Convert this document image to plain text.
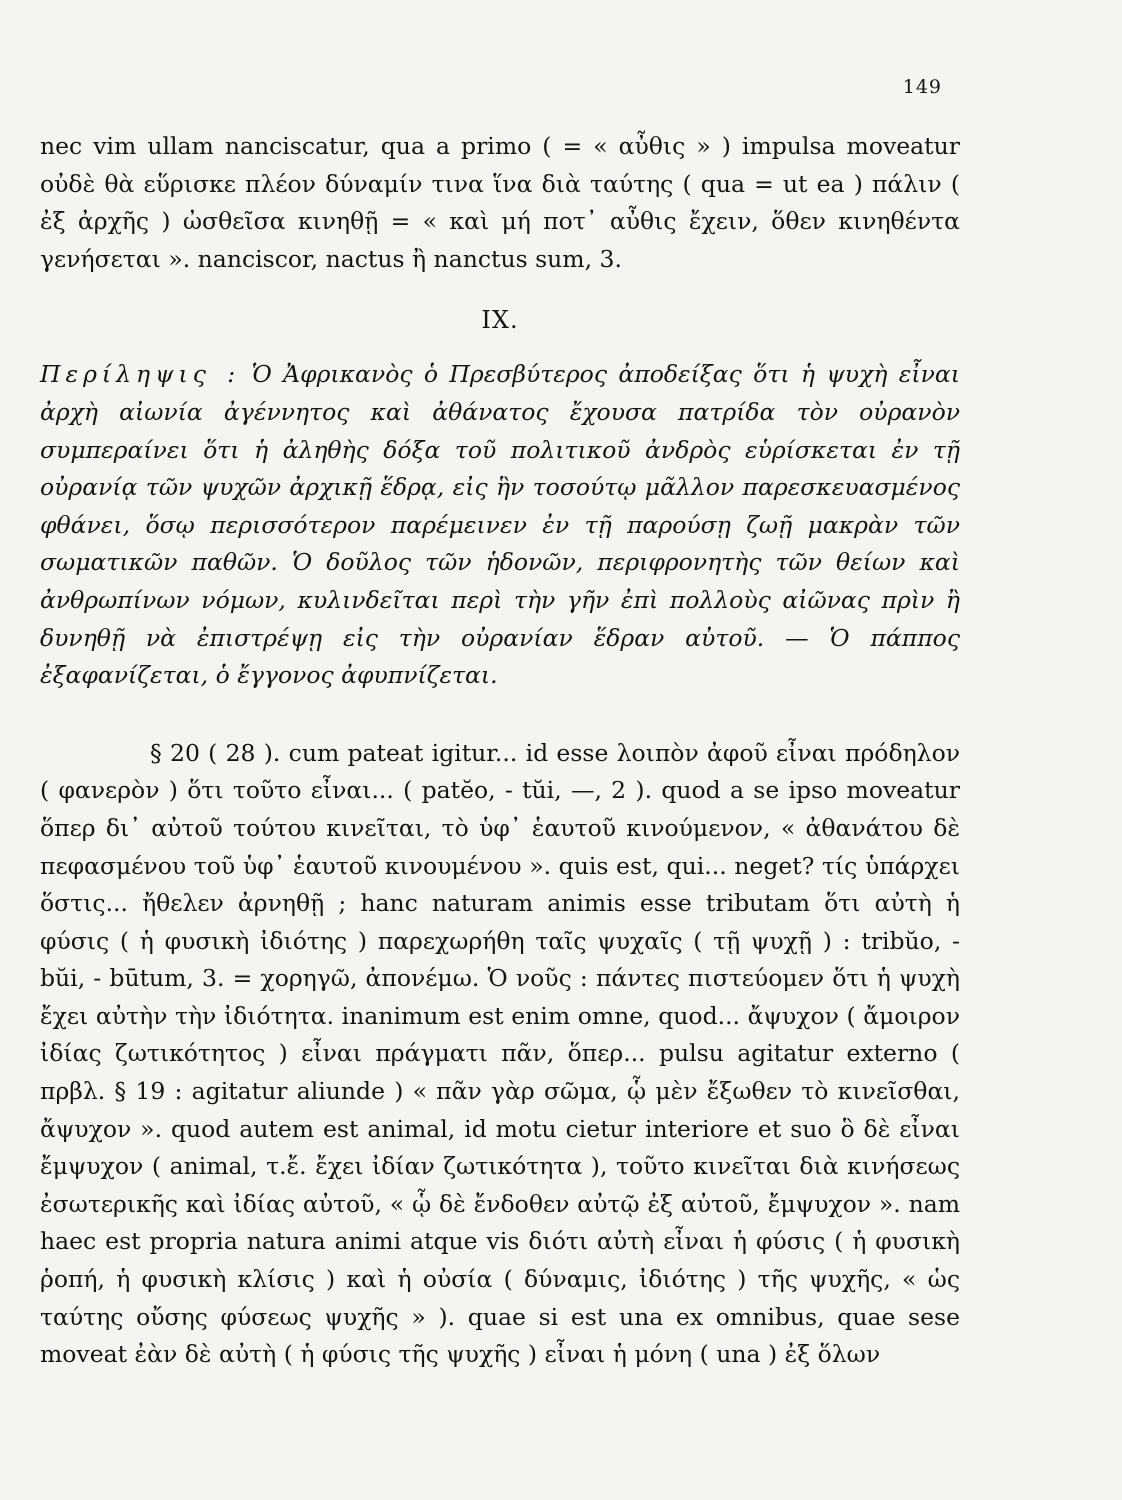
149

nec vim ullam nanciscatur, qua a primo ( = « αὖθις » ) impulsa moveatur οὐδὲ θὰ εὕρισκε πλέον δύναμίν τινα ἵνα διὰ ταύτης ( qua = ut ea ) πάλιν ( ἐξ ἀρχῆς ) ὠσθεῖσα κινηθῇ = « καὶ μή ποτ᾽ αὖθις ἔχειν, ὅθεν κινηθέντα γενήσεται ». nanciscor, nactus ἢ nanctus sum, 3.

IX.

Περίληψις : Ὁ Ἀφρικανὸς ὁ Πρεσβύτερος ἀποδείξας ὅτι ἡ ψυχὴ εἶναι ἀρχὴ αἰωνία ἀγέννητος καὶ ἀθάνατος ἔχουσα πατρίδα τὸν οὐρανὸν συμπεραίνει ὅτι ἡ ἀληθὴς δόξα τοῦ πολιτικοῦ ἀνδρὸς εὑρίσκεται ἐν τῇ οὐρανίᾳ τῶν ψυχῶν ἀρχικῇ ἕδρᾳ, εἰς ἣν τοσούτῳ μᾶλλον παρεσκευασμένος φθάνει, ὅσῳ περισσότερον παρέμεινεν ἐν τῇ παρούσῃ ζωῇ μακρὰν τῶν σωματικῶν παθῶν. Ὁ δοῦλος τῶν ἡδονῶν, περιφρονητὴς τῶν θείων καὶ ἀνθρωπίνων νόμων, κυλινδεῖται περὶ τὴν γῆν ἐπὶ πολλοὺς αἰῶνας πρὶν ἢ δυνηθῇ νὰ ἐπιστρέψῃ εἰς τὴν οὐρανίαν ἕδραν αὐτοῦ. — Ὁ πάππος ἐξαφανίζεται, ὁ ἔγγονος ἀφυπνίζεται.

§ 20 ( 28 ). cum pateat igitur... id esse λοιπὸν ἀφοῦ εἶναι πρόδηλον ( φανερὸν ) ὅτι τοῦτο εἶναι... ( patĕo, - tŭi, —, 2 ). quod a se ipso moveatur ὅπερ δι᾽ αὐτοῦ τούτου κινεῖται, τὸ ὑφ᾽ ἑαυτοῦ κινούμενον, « ἀθανάτου δὲ πεφασμένου τοῦ ὑφ᾽ ἑαυτοῦ κινουμένου ». quis est, qui... neget? τίς ὑπάρχει ὅστις... ἤθελεν ἀρνηθῇ ; hanc naturam animis esse tributam ὅτι αὐτὴ ἡ φύσις ( ἡ φυσικὴ ἰδιότης ) παρεχωρήθη ταῖς ψυχαῖς ( τῇ ψυχῇ ) : tribŭo, - bŭi, - būtum, 3. = χορηγῶ, ἀπονέμω. Ὁ νοῦς : πάντες πιστεύομεν ὅτι ἡ ψυχὴ ἔχει αὐτὴν τὴν ἰδιότητα. inanimum est enim omne, quod... ἄψυχον ( ἄμοιρον ἰδίας ζωτικότητος ) εἶναι πράγματι πᾶν, ὅπερ... pulsu agitatur externo ( πρβλ. § 19 : agitatur aliunde ) « πᾶν γὰρ σῶμα, ᾧ μὲν ἔξωθεν τὸ κινεῖσθαι, ἄψυχον ». quod autem est animal, id motu cietur interiore et suo ὃ δὲ εἶναι ἔμψυχον ( animal, τ.ἔ. ἔχει ἰδίαν ζωτικότητα ), τοῦτο κινεῖται διὰ κινήσεως ἐσωτερικῆς καὶ ἰδίας αὐτοῦ, « ᾧ δὲ ἔνδοθεν αὐτῷ ἐξ αὐτοῦ, ἔμψυχον ». nam haec est propria natura animi atque vis διότι αὐτὴ εἶναι ἡ φύσις ( ἡ φυσικὴ ῥοπή, ἡ φυσικὴ κλίσις ) καὶ ἡ οὐσία ( δύναμις, ἰδιότης ) τῆς ψυχῆς, « ὡς ταύτης οὔσης φύσεως ψυχῆς » ). quae si est una ex omnibus, quae sese moveat ἐὰν δὲ αὐτὴ ( ἡ φύσις τῆς ψυχῆς ) εἶναι ἡ μόνη ( una ) ἐξ ὅλων
